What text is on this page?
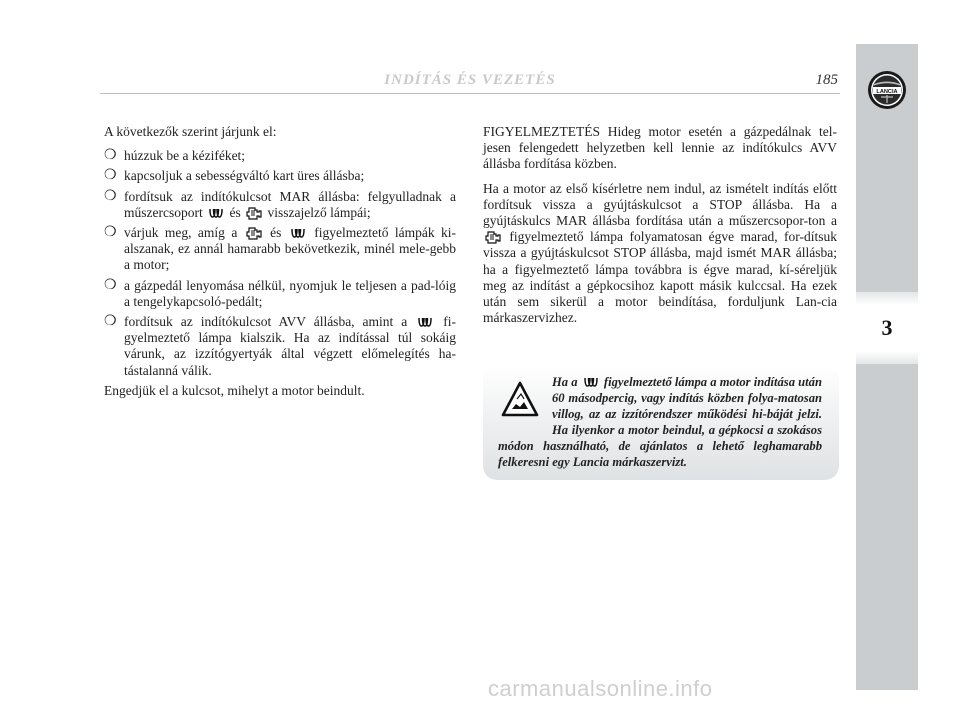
INDÍTÁS ÉS VEZETÉS	185
LANCIA
3

A következők szerint járjunk el:

❍ húzzuk be a kéziféket;
❍ kapcsoljuk a sebességváltó kart üres állásba;
❍ fordítsuk az indítókulcsot MAR állásba: felgyulladnak a műszercsoport és visszajelző lámpái;
❍ várjuk meg, amíg a és figyelmeztető lámpák ki-alszanak, ez annál hamarabb bekövetkezik, minél mele-gebb a motor;
❍ a gázpedál lenyomása nélkül, nyomjuk le teljesen a pad-lóig a tengelykapcsoló-pedált;
❍ fordítsuk az indítókulcsot AVV állásba, amint a	fi-gyelmeztető lámpa kialszik. Ha az indítással túl sokáig várunk, az izzítógyertyák által végzett előmelegítés ha-tástalanná válik.

Engedjük el a kulcsot, mihelyt a motor beindult.

FIGYELMEZTETÉS Hideg motor esetén a gázpedálnak tel-jesen felengedett helyzetben kell lennie az indítókulcs AVV állásba fordítása közben.

Ha a motor az első kísérletre nem indul, az ismételt indítás előtt fordítsuk vissza a gyújtáskulcsot a STOP állásba. Ha a gyújtáskulcs MAR állásba fordítása után a műszercsopor-ton a  figyelmeztető lámpa folyamatosan égve marad, for-dítsuk vissza a gyújtáskulcsot STOP állásba, majd ismét MAR állásba; ha a figyelmeztető lámpa továbbra is égve marad, kí-séreljük meg az indítást a gépkocsihoz kapott másik kulccsal. Ha ezek után sem sikerül a motor beindítása, forduljunk Lan-cia márkaszervizhez.

Ha a figyelmeztető lámpa a motor indítása után 60 másodpercig, vagy indítás közben folya-matosan villog, az az izzítórendszer működési hi-báját jelzi. Ha ilyenkor a motor beindul, a gépkocsi a szokásos módon használható, de ajánlatos a lehető leghamarabb felkeresni egy Lancia márkaszervizt.
carmanualsonline.info
